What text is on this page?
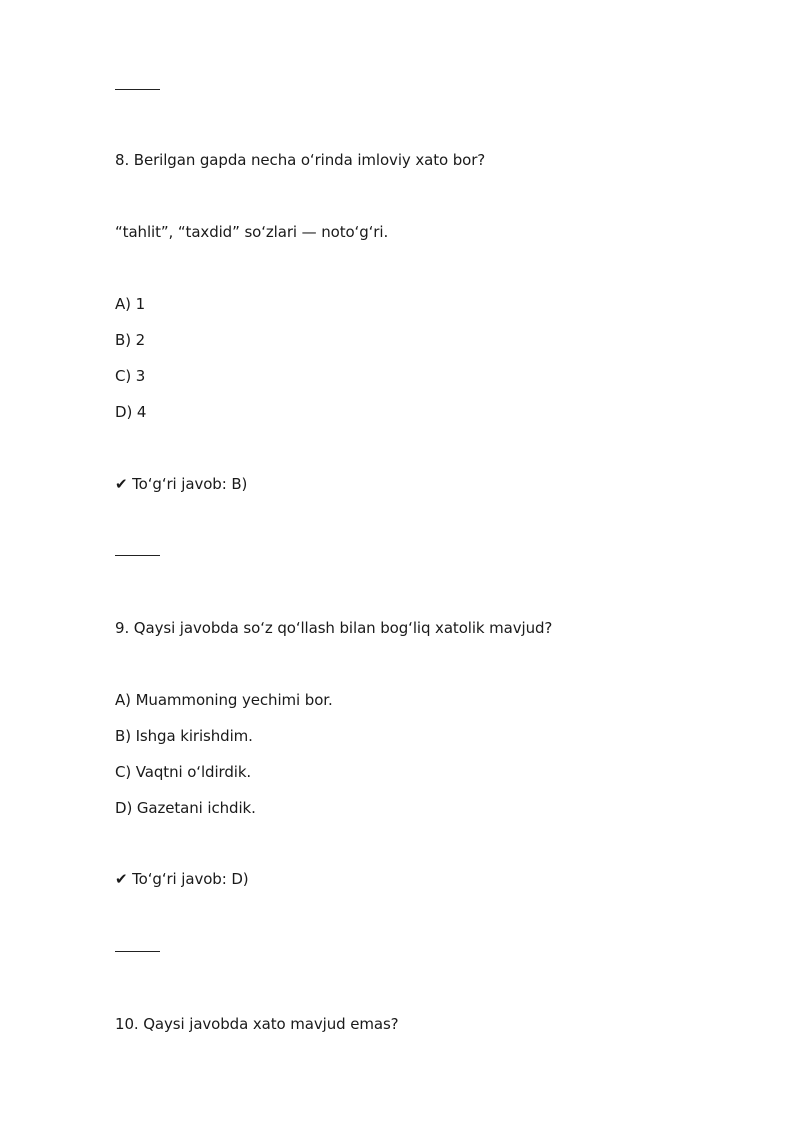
8. Berilgan gapda necha o‘rinda imloviy xato bor?
“tahlit”, “taxdid” so‘zlari — noto‘g‘ri.
A) 1
B) 2
C) 3
D) 4
✔ To‘g‘ri javob: B)
9. Qaysi javobda so‘z qo‘llash bilan bog‘liq xatolik mavjud?
A) Muammoning yechimi bor.
B) Ishga kirishdim.
C) Vaqtni o‘ldirdik.
D) Gazetani ichdik.
✔ To‘g‘ri javob: D)
10. Qaysi javobda xato mavjud emas?
